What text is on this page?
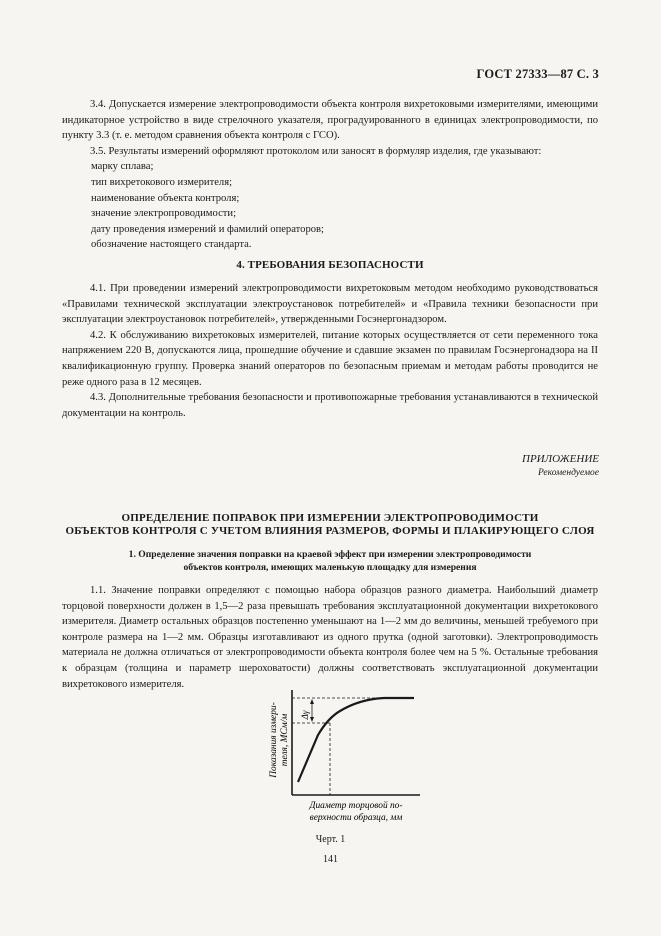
ГОСТ 27333—87 С. 3

3.4. Допускается измерение электропроводимости объекта контроля вихретоковыми измерителями, имеющими индикаторное устройство в виде стрелочного указателя, проградуированного в единицах электропроводимости, по пункту 3.3 (т. е. методом сравнения объекта контроля с ГСО).

3.5. Результаты измерений оформляют протоколом или заносят в формуляр изделия, где указывают:

марку сплава;
тип вихретокового измерителя;
наименование объекта контроля;
значение электропроводимости;
дату проведения измерений и фамилий операторов;
обозначение настоящего стандарта.
4. ТРЕБОВАНИЯ БЕЗОПАСНОСТИ

4.1. При проведении измерений электропроводимости вихретоковым методом необходимо руководствоваться «Правилами технической эксплуатации электроустановок потребителей» и «Правила техники безопасности при эксплуатации электроустановок потребителей», утвержденными Госэнергонадзором.

4.2. К обслуживанию вихретоковых измерителей, питание которых осуществляется от сети переменного тока напряжением 220 В, допускаются лица, прошедшие обучение и сдавшие экзамен по правилам Госэнергонадзора на II квалификационную группу. Проверка знаний операторов по безопасным приемам и методам работы проводится не реже одного раза в 12 месяцев.

4.3. Дополнительные требования безопасности и противопожарные требования устанавливаются в технической документации на контроль.

ПРИЛОЖЕНИЕ
Рекомендуемое
ОПРЕДЕЛЕНИЕ ПОПРАВОК ПРИ ИЗМЕРЕНИИ ЭЛЕКТРОПРОВОДИМОСТИ
ОБЪЕКТОВ КОНТРОЛЯ С УЧЕТОМ ВЛИЯНИЯ РАЗМЕРОВ, ФОРМЫ И ПЛАКИРУЮЩЕГО СЛОЯ
1. Определение значения поправки на краевой эффект при измерении электропроводимости
объектов контроля, имеющих маленькую площадку для измерения

1.1. Значение поправки определяют с помощью набора образцов разного диаметра. Наибольший диаметр торцовой поверхности должен в 1,5—2 раза превышать требования эксплуатационной документации вихретокового измерителя. Диаметр остальных образцов постепенно уменьшают на 1—2 мм до величины, меньшей требуемого при контроле размера на 1—2 мм. Образцы изготавливают из одного прутка (одной заготовки). Электропроводимость материала не должна отличаться от электропроводимости объекта контроля более чем на 5 %. Остальные требования к образцам (толщина и параметр шероховатости) должны соответствовать эксплуатационной документации вихретокового измерителя.

Δγ
Показания измери- теля, МСм/м
Диаметр торцовой по-
верхности образца, мм
Черт. 1
141
